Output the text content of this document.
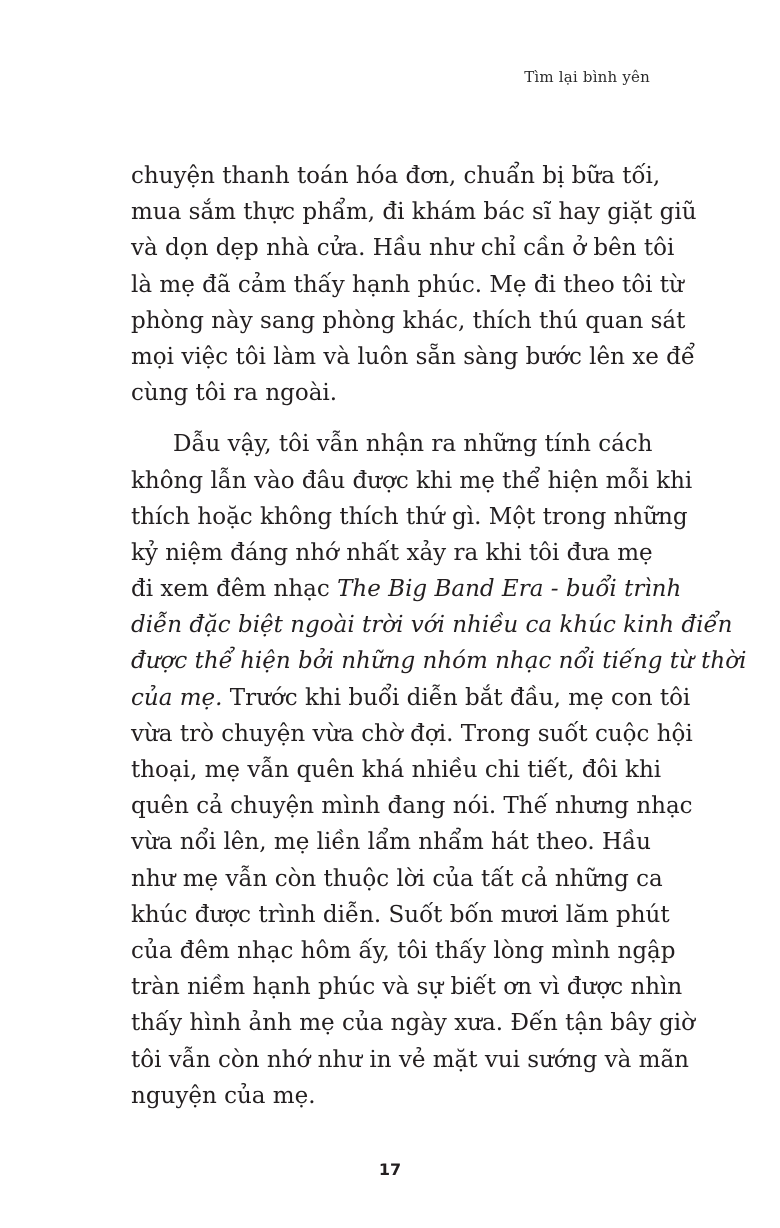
Tìm lại bình yên
chuyện thanh toán hóa đơn, chuẩn bị bữa tối,
mua sắm thực phẩm, đi khám bác sĩ hay giặt giũ
và dọn dẹp nhà cửa. Hầu như chỉ cần ở bên tôi
là mẹ đã cảm thấy hạnh phúc. Mẹ đi theo tôi từ
phòng này sang phòng khác, thích thú quan sát
mọi việc tôi làm và luôn sẵn sàng bước lên xe để
cùng tôi ra ngoài.
Dẫu vậy, tôi vẫn nhận ra những tính cách
không lẫn vào đâu được khi mẹ thể hiện mỗi khi
thích hoặc không thích thứ gì. Một trong những
kỷ niệm đáng nhớ nhất xảy ra khi tôi đưa mẹ
đi xem đêm nhạc The Big Band Era - buổi trình
diễn đặc biệt ngoài trời với nhiều ca khúc kinh điển
được thể hiện bởi những nhóm nhạc nổi tiếng từ thời
của mẹ. Trước khi buổi diễn bắt đầu, mẹ con tôi
vừa trò chuyện vừa chờ đợi. Trong suốt cuộc hội
thoại, mẹ vẫn quên khá nhiều chi tiết, đôi khi
quên cả chuyện mình đang nói. Thế nhưng nhạc
vừa nổi lên, mẹ liền lẩm nhẩm hát theo. Hầu
như mẹ vẫn còn thuộc lời của tất cả những ca
khúc được trình diễn. Suốt bốn mươi lăm phút
của đêm nhạc hôm ấy, tôi thấy lòng mình ngập
tràn niềm hạnh phúc và sự biết ơn vì được nhìn
thấy hình ảnh mẹ của ngày xưa. Đến tận bây giờ
tôi vẫn còn nhớ như in vẻ mặt vui sướng và mãn
nguyện của mẹ.
17
